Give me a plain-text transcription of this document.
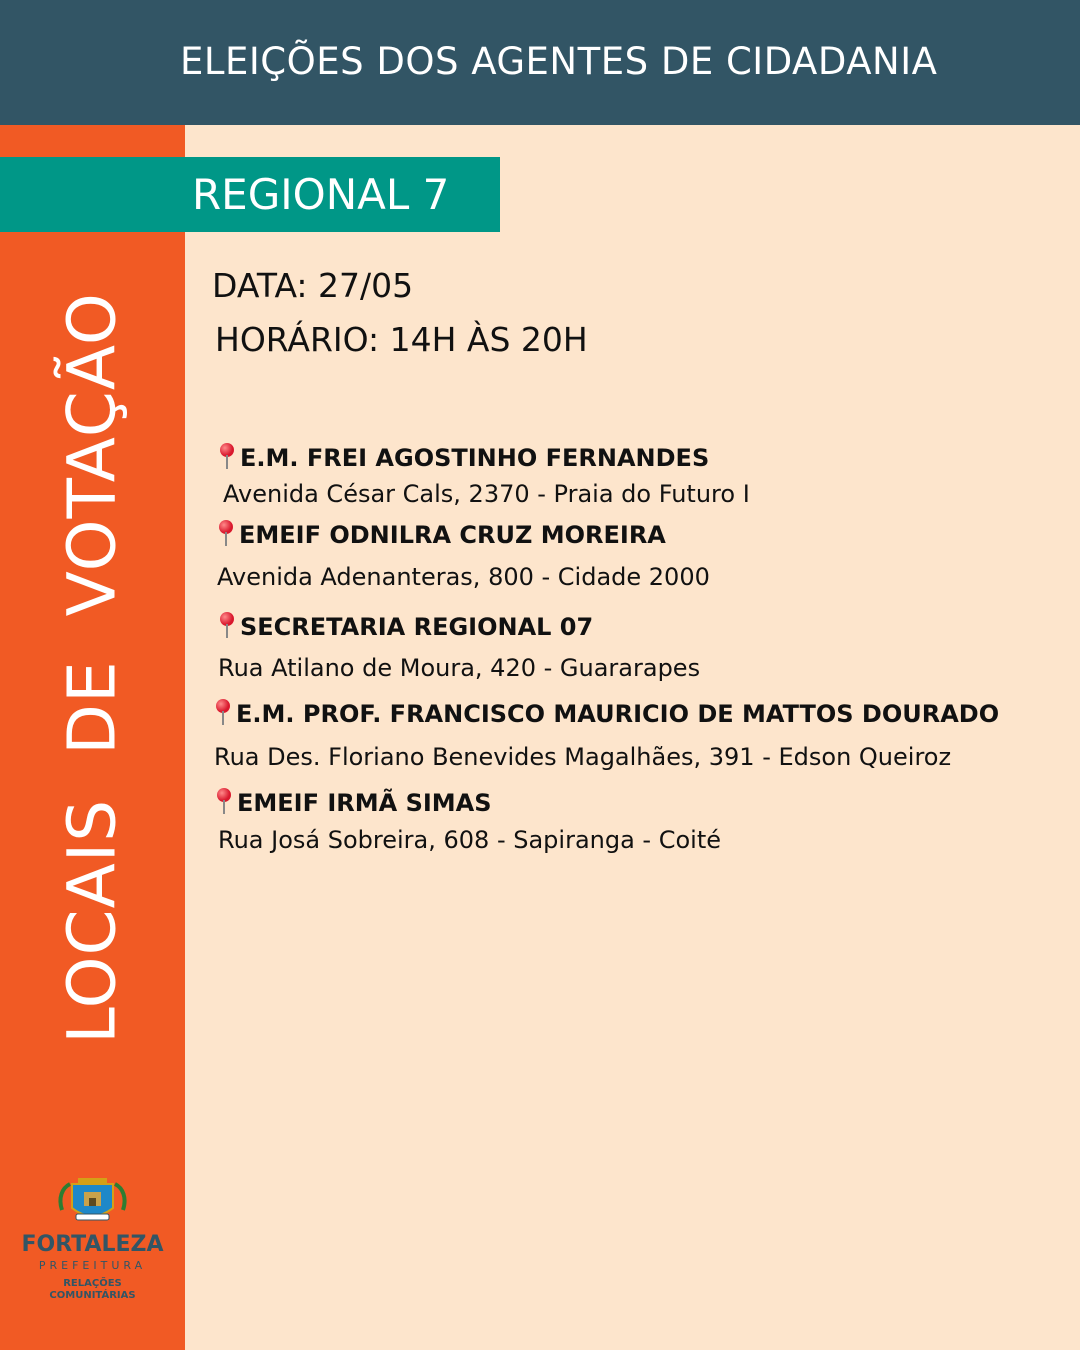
ELEIÇÕES DOS AGENTES DE CIDADANIA
LOCAISDEVOTAÇÃO
REGIONAL 7
DATA: 27/05
HORÁRIO: 14H ÀS 20H
E.M. FREI AGOSTINHO FERNANDES
Avenida César Cals, 2370 - Praia do Futuro I
EMEIF ODNILRA CRUZ MOREIRA
Avenida Adenanteras, 800 - Cidade 2000
SECRETARIA REGIONAL 07
Rua Atilano de Moura, 420 - Guararapes
E.M. PROF. FRANCISCO MAURICIO DE MATTOS DOURADO
Rua Des. Floriano Benevides Magalhães, 391 - Edson Queiroz
EMEIF IRMÃ SIMAS
Rua Josá Sobreira, 608 - Sapiranga - Coité
FORTALEZA
PREFEITURA
RELAÇÕES
COMUNITÁRIAS
